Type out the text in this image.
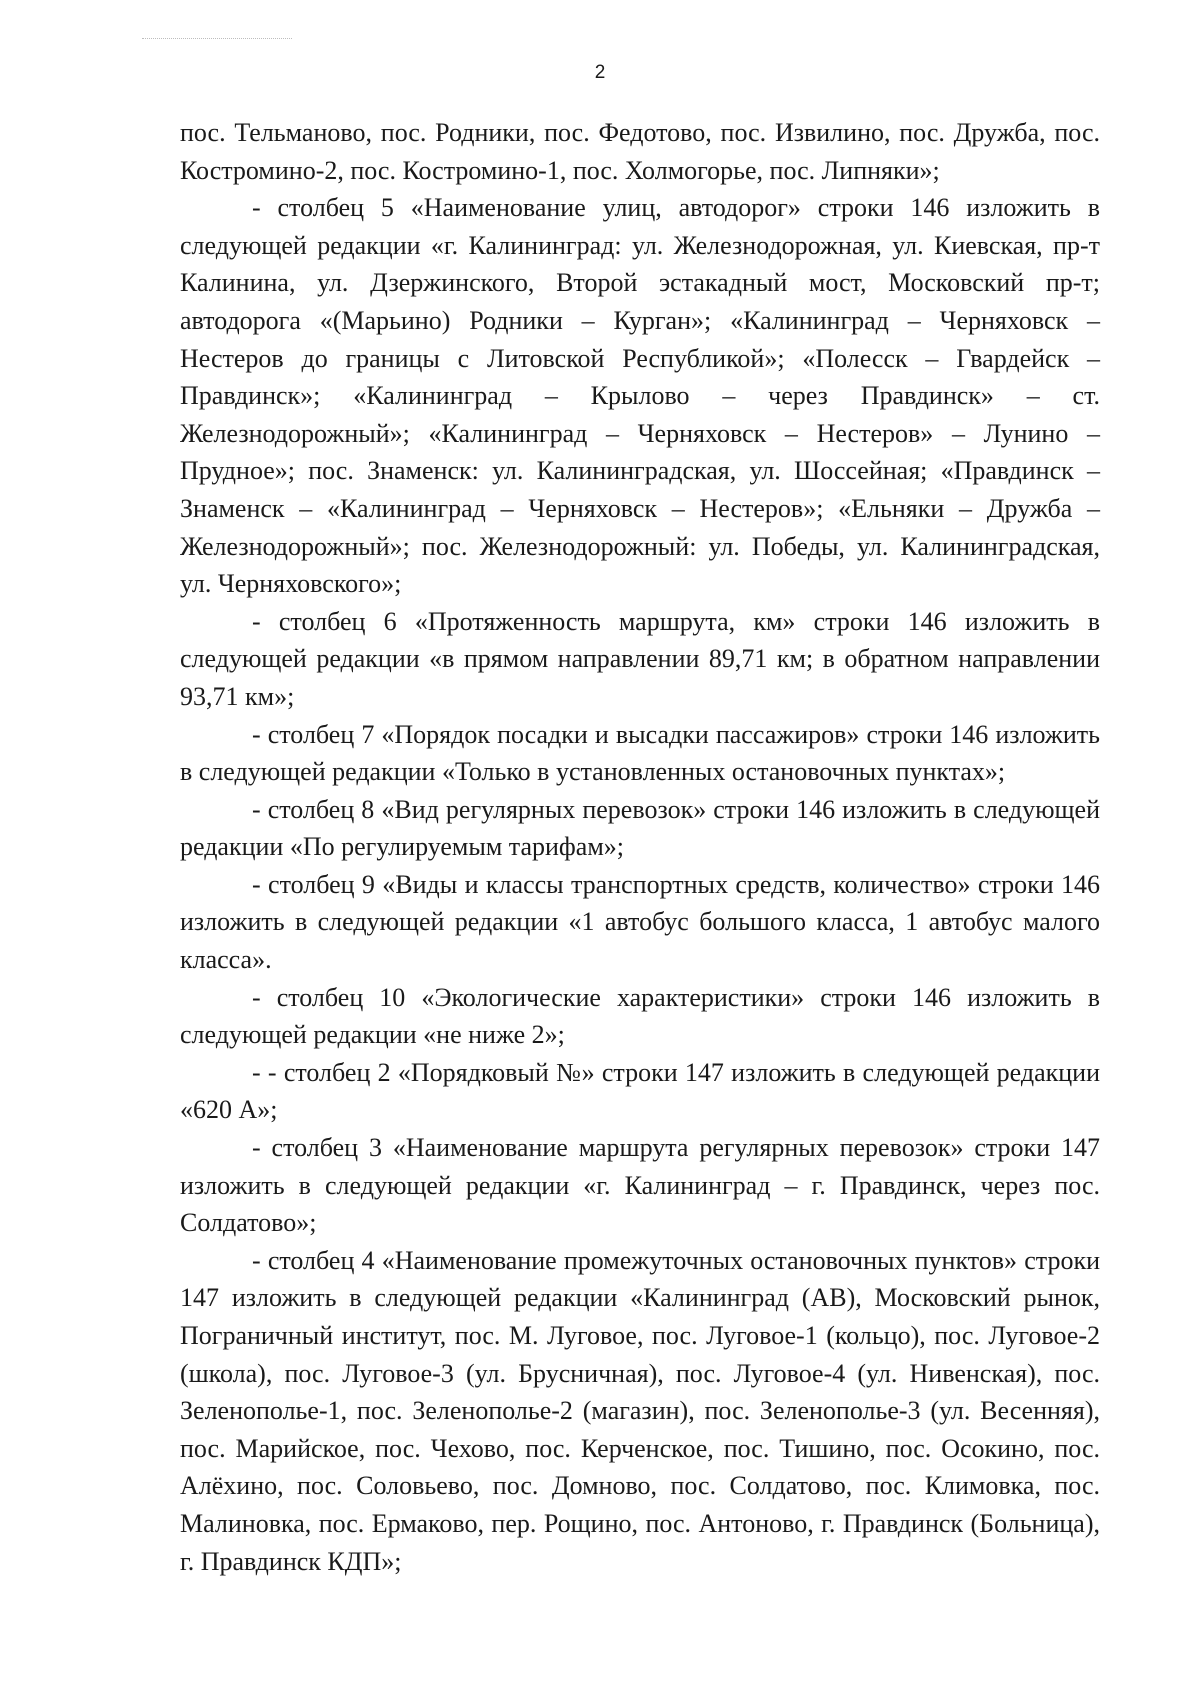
2

пос. Тельманово, пос. Родники, пос. Федотово, пос. Извилино, пос. Дружба, пос. Костромино-2, пос. Костромино-1, пос. Холмогорье, пос. Липняки»;

- столбец 5 «Наименование улиц, автодорог» строки 146 изложить в следующей редакции «г. Калининград: ул. Железнодорожная, ул. Киевская, пр-т Калинина, ул. Дзержинского, Второй эстакадный мост, Московский пр-т; автодорога «(Марьино) Родники – Курган»; «Калининград – Черняховск – Нестеров до границы с Литовской Республикой»; «Полесск – Гвардейск – Правдинск»; «Калининград – Крылово – через Правдинск» – ст. Железнодорожный»; «Калининград – Черняховск – Нестеров» – Лунино – Прудное»; пос. Знаменск: ул. Калининградская, ул. Шоссейная; «Правдинск – Знаменск – «Калининград – Черняховск – Нестеров»; «Ельняки – Дружба – Железнодорожный»; пос. Железнодорожный: ул. Победы, ул. Калининградская, ул. Черняховского»;

- столбец 6 «Протяженность маршрута, км» строки 146 изложить в следующей редакции «в прямом направлении 89,71 км; в обратном направлении 93,71 км»;

- столбец 7 «Порядок посадки и высадки пассажиров» строки 146 изложить в следующей редакции «Только в установленных остановочных пунктах»;

- столбец 8 «Вид регулярных перевозок» строки 146 изложить в следующей редакции «По регулируемым тарифам»;

- столбец 9 «Виды и классы транспортных средств, количество» строки 146 изложить в следующей редакции «1 автобус большого класса, 1 автобус малого класса».

- столбец 10 «Экологические характеристики» строки 146 изложить в следующей редакции «не ниже 2»;

- - столбец 2 «Порядковый №» строки 147 изложить в следующей редакции «620 А»;

- столбец 3 «Наименование маршрута регулярных перевозок» строки 147 изложить в следующей редакции «г. Калининград – г. Правдинск, через пос. Солдатово»;

- столбец 4 «Наименование промежуточных остановочных пунктов» строки 147 изложить в следующей редакции «Калининград (АВ), Московский рынок, Пограничный институт, пос. М. Луговое, пос. Луговое-1 (кольцо), пос. Луговое-2 (школа), пос. Луговое-3 (ул. Брусничная), пос. Луговое-4 (ул. Нивенская), пос. Зеленополье-1, пос. Зеленополье-2 (магазин), пос. Зеленополье-3 (ул. Весенняя), пос. Марийское, пос. Чехово, пос. Керченское, пос. Тишино, пос. Осокино, пос. Алёхино, пос. Соловьево, пос. Домново, пос. Солдатово, пос. Климовка, пос. Малиновка, пос. Ермаково, пер. Рощино, пос. Антоново, г. Правдинск (Больница), г. Правдинск КДП»;
